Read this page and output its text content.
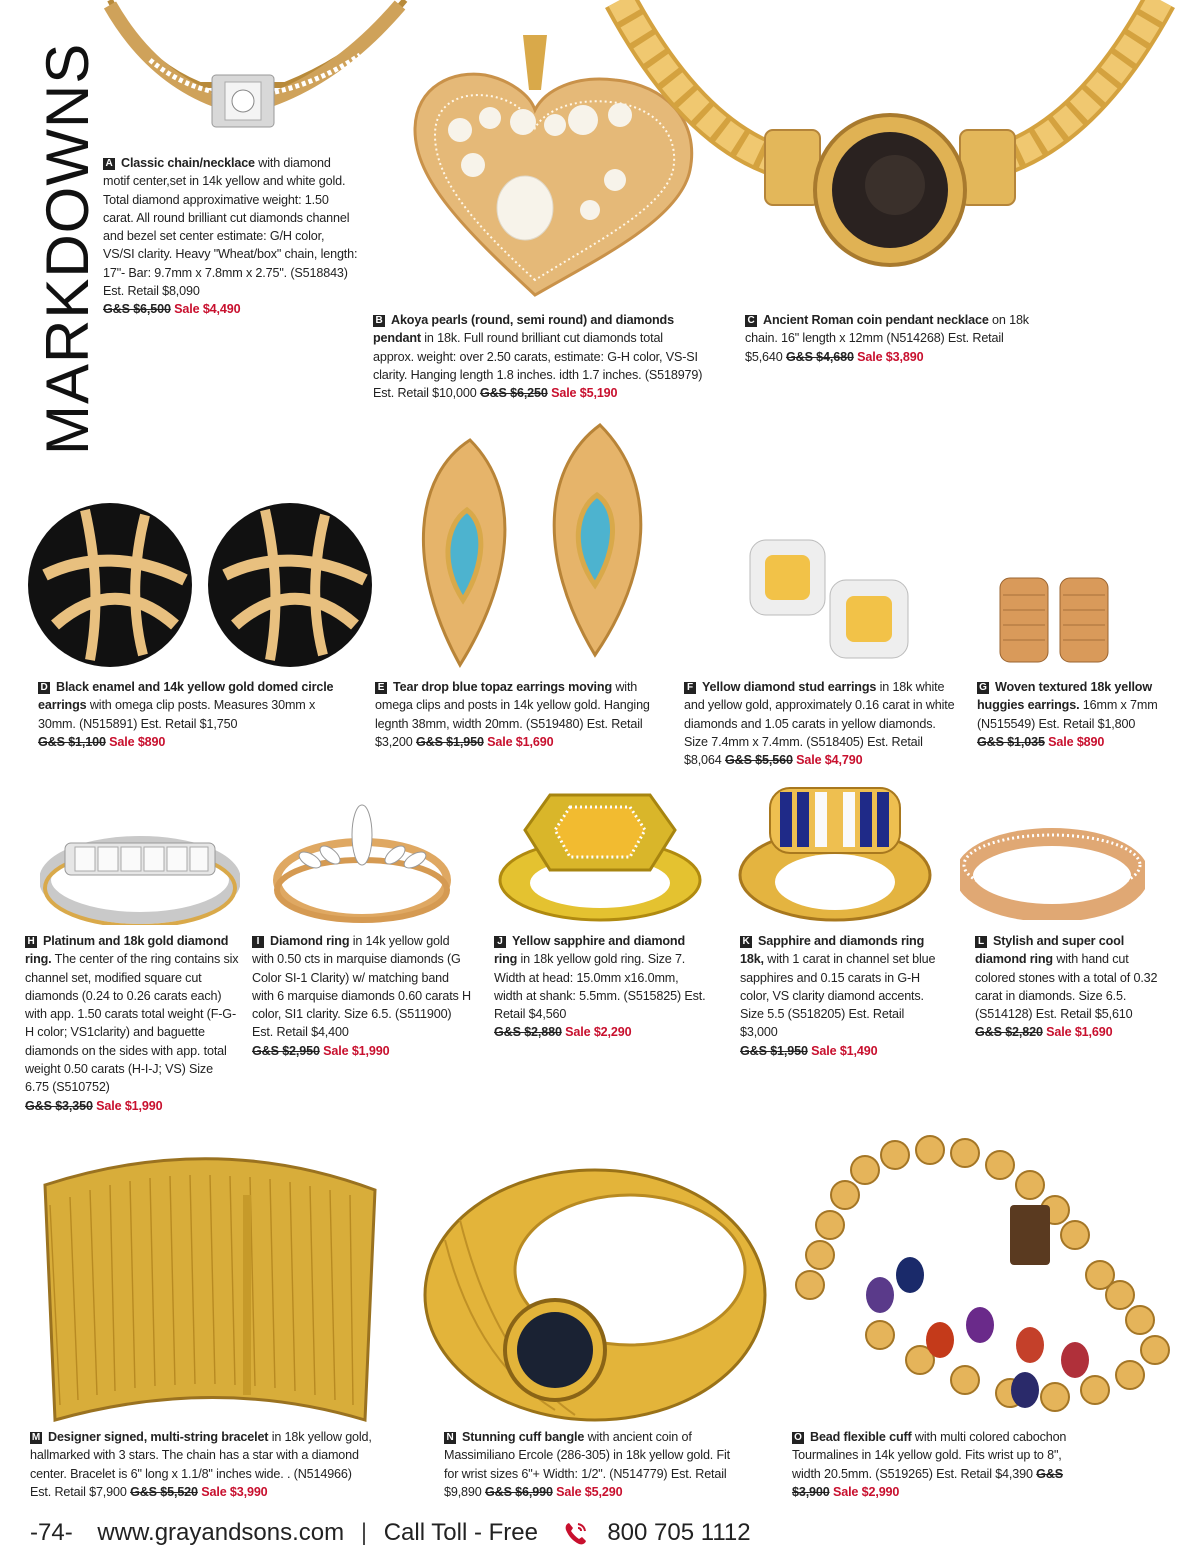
MARKDOWNS A Classic chain/necklace with diamond motif center,set in 14k yellow and white gold. Total diamond approximative weight: 1.50 carat. All round brilliant cut diamonds channel and bezel set center estimate: G/H color, VS/SI clarity. Heavy "Wheat/box" chain, length: 17"- Bar: 9.7mm x 7.8mm x 2.75". (S518843) Est. Retail $8,090
G&S $6,500 Sale $4,490
B Akoya pearls (round, semi round) and diamonds pendant in 18k. Full round brilliant cut diamonds total approx. weight: over 2.50 carats, estimate: G-H color, VS-SI clarity. Hanging length 1.8 inches. idth 1.7 inches. (S518979) Est. Retail $10,000 G&S $6,250 Sale $5,190
C Ancient Roman coin pendant necklace on 18k chain. 16" length x 12mm (N514268) Est. Retail $5,640 G&S $4,680 Sale $3,890
D Black enamel and 14k yellow gold domed circle earrings with omega clip posts. Measures 30mm x 30mm. (N515891) Est. Retail $1,750
G&S $1,100 Sale $890
E Tear drop blue topaz earrings moving with omega clips and posts in 14k yellow gold. Hanging legnth 38mm, width 20mm. (S519480) Est. Retail $3,200 G&S $1,950 Sale $1,690
F Yellow diamond stud earrings in 18k white and yellow gold, approximately 0.16 carat in white diamonds and 1.05 carats in yellow diamonds. Size 7.4mm x 7.4mm. (S518405) Est. Retail $8,064 G&S $5,560 Sale $4,790
G Woven textured 18k yellow huggies earrings. 16mm x 7mm (N515549) Est. Retail $1,800
G&S $1,035 Sale $890
H Platinum and 18k gold diamond ring. The center of the ring contains six channel set, modified square cut diamonds (0.24 to 0.26 carats each) with app. 1.50 carats total weight (F-G-H color; VS1clarity) and baguette diamonds on the sides with app. total weight 0.50 carats (H-I-J; VS) Size 6.75 (S510752)
G&S $3,350 Sale $1,990
I Diamond ring in 14k yellow gold with 0.50 cts in marquise diamonds (G Color SI-1 Clarity) w/ matching band with 6 marquise diamonds 0.60 carats H color, SI1 clarity. Size 6.5. (S511900) Est. Retail $4,400
G&S $2,950 Sale $1,990
J Yellow sapphire and diamond ring in 18k yellow gold ring. Size 7. Width at head: 15.0mm x16.0mm, width at shank: 5.5mm. (S515825) Est. Retail $4,560
G&S $2,880 Sale $2,290
K Sapphire and diamonds ring 18k, with 1 carat in channel set blue sapphires and 0.15 carats in G-H color, VS clarity diamond accents. Size 5.5 (S518205) Est. Retail $3,000
G&S $1,950 Sale $1,490
L Stylish and super cool diamond ring with hand cut colored stones with a total of 0.32 carat in diamonds. Size 6.5. (S514128) Est. Retail $5,610
G&S $2,820 Sale $1,690
M Designer signed, multi-string bracelet in 18k yellow gold, hallmarked with 3 stars. The chain has a star with a diamond center. Bracelet is 6" long x 1.1/8" inches wide. . (N514966) Est. Retail $7,900 G&S $5,520 Sale $3,990
N Stunning cuff bangle with ancient coin of Massimiliano Ercole (286-305) in 18k yellow gold. Fit for wrist sizes 6"+ Width: 1/2". (N514779) Est. Retail $9,890 G&S $6,990 Sale $5,290
O Bead flexible cuff with multi colored cabochon Tourmalines in 14k yellow gold. Fits wrist up to 8", width 20.5mm. (S519265) Est. Retail $4,390 G&S $3,900 Sale $2,990
-74- www.grayandsons.com | Call Toll - Free	800 705 1112
